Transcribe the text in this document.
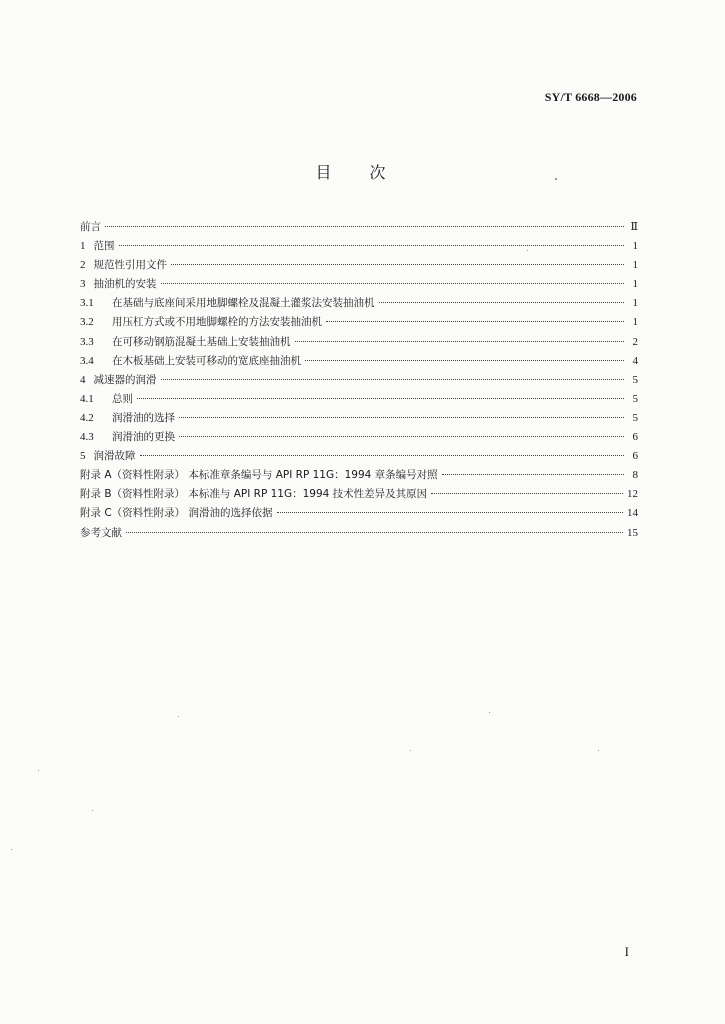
SY/T 6668—2006
目次
前言	Ⅱ
1 范围	1
2 规范性引用文件	1
3 抽油机的安装	1
3.1	在基础与底座间采用地脚螺栓及混凝土灌浆法安装抽油机	1
3.2	用压杠方式或不用地脚螺栓的方法安装抽油机	1
3.3	在可移动钢筋混凝土基础上安装抽油机	2
3.4	在木板基础上安装可移动的宽底座抽油机	4
4 减速器的润滑	5
4.1	总则	5
4.2	润滑油的选择	5
4.3	润滑油的更换	6
5 润滑故障	6
附录 A（资料性附录） 本标准章条编号与 API RP 11G：1994 章条编号对照	8
附录 B（资料性附录） 本标准与 API RP 11G：1994 技术性差异及其原因	12
附录 C（资料性附录） 润滑油的选择依据	14
参考文献	15
I
